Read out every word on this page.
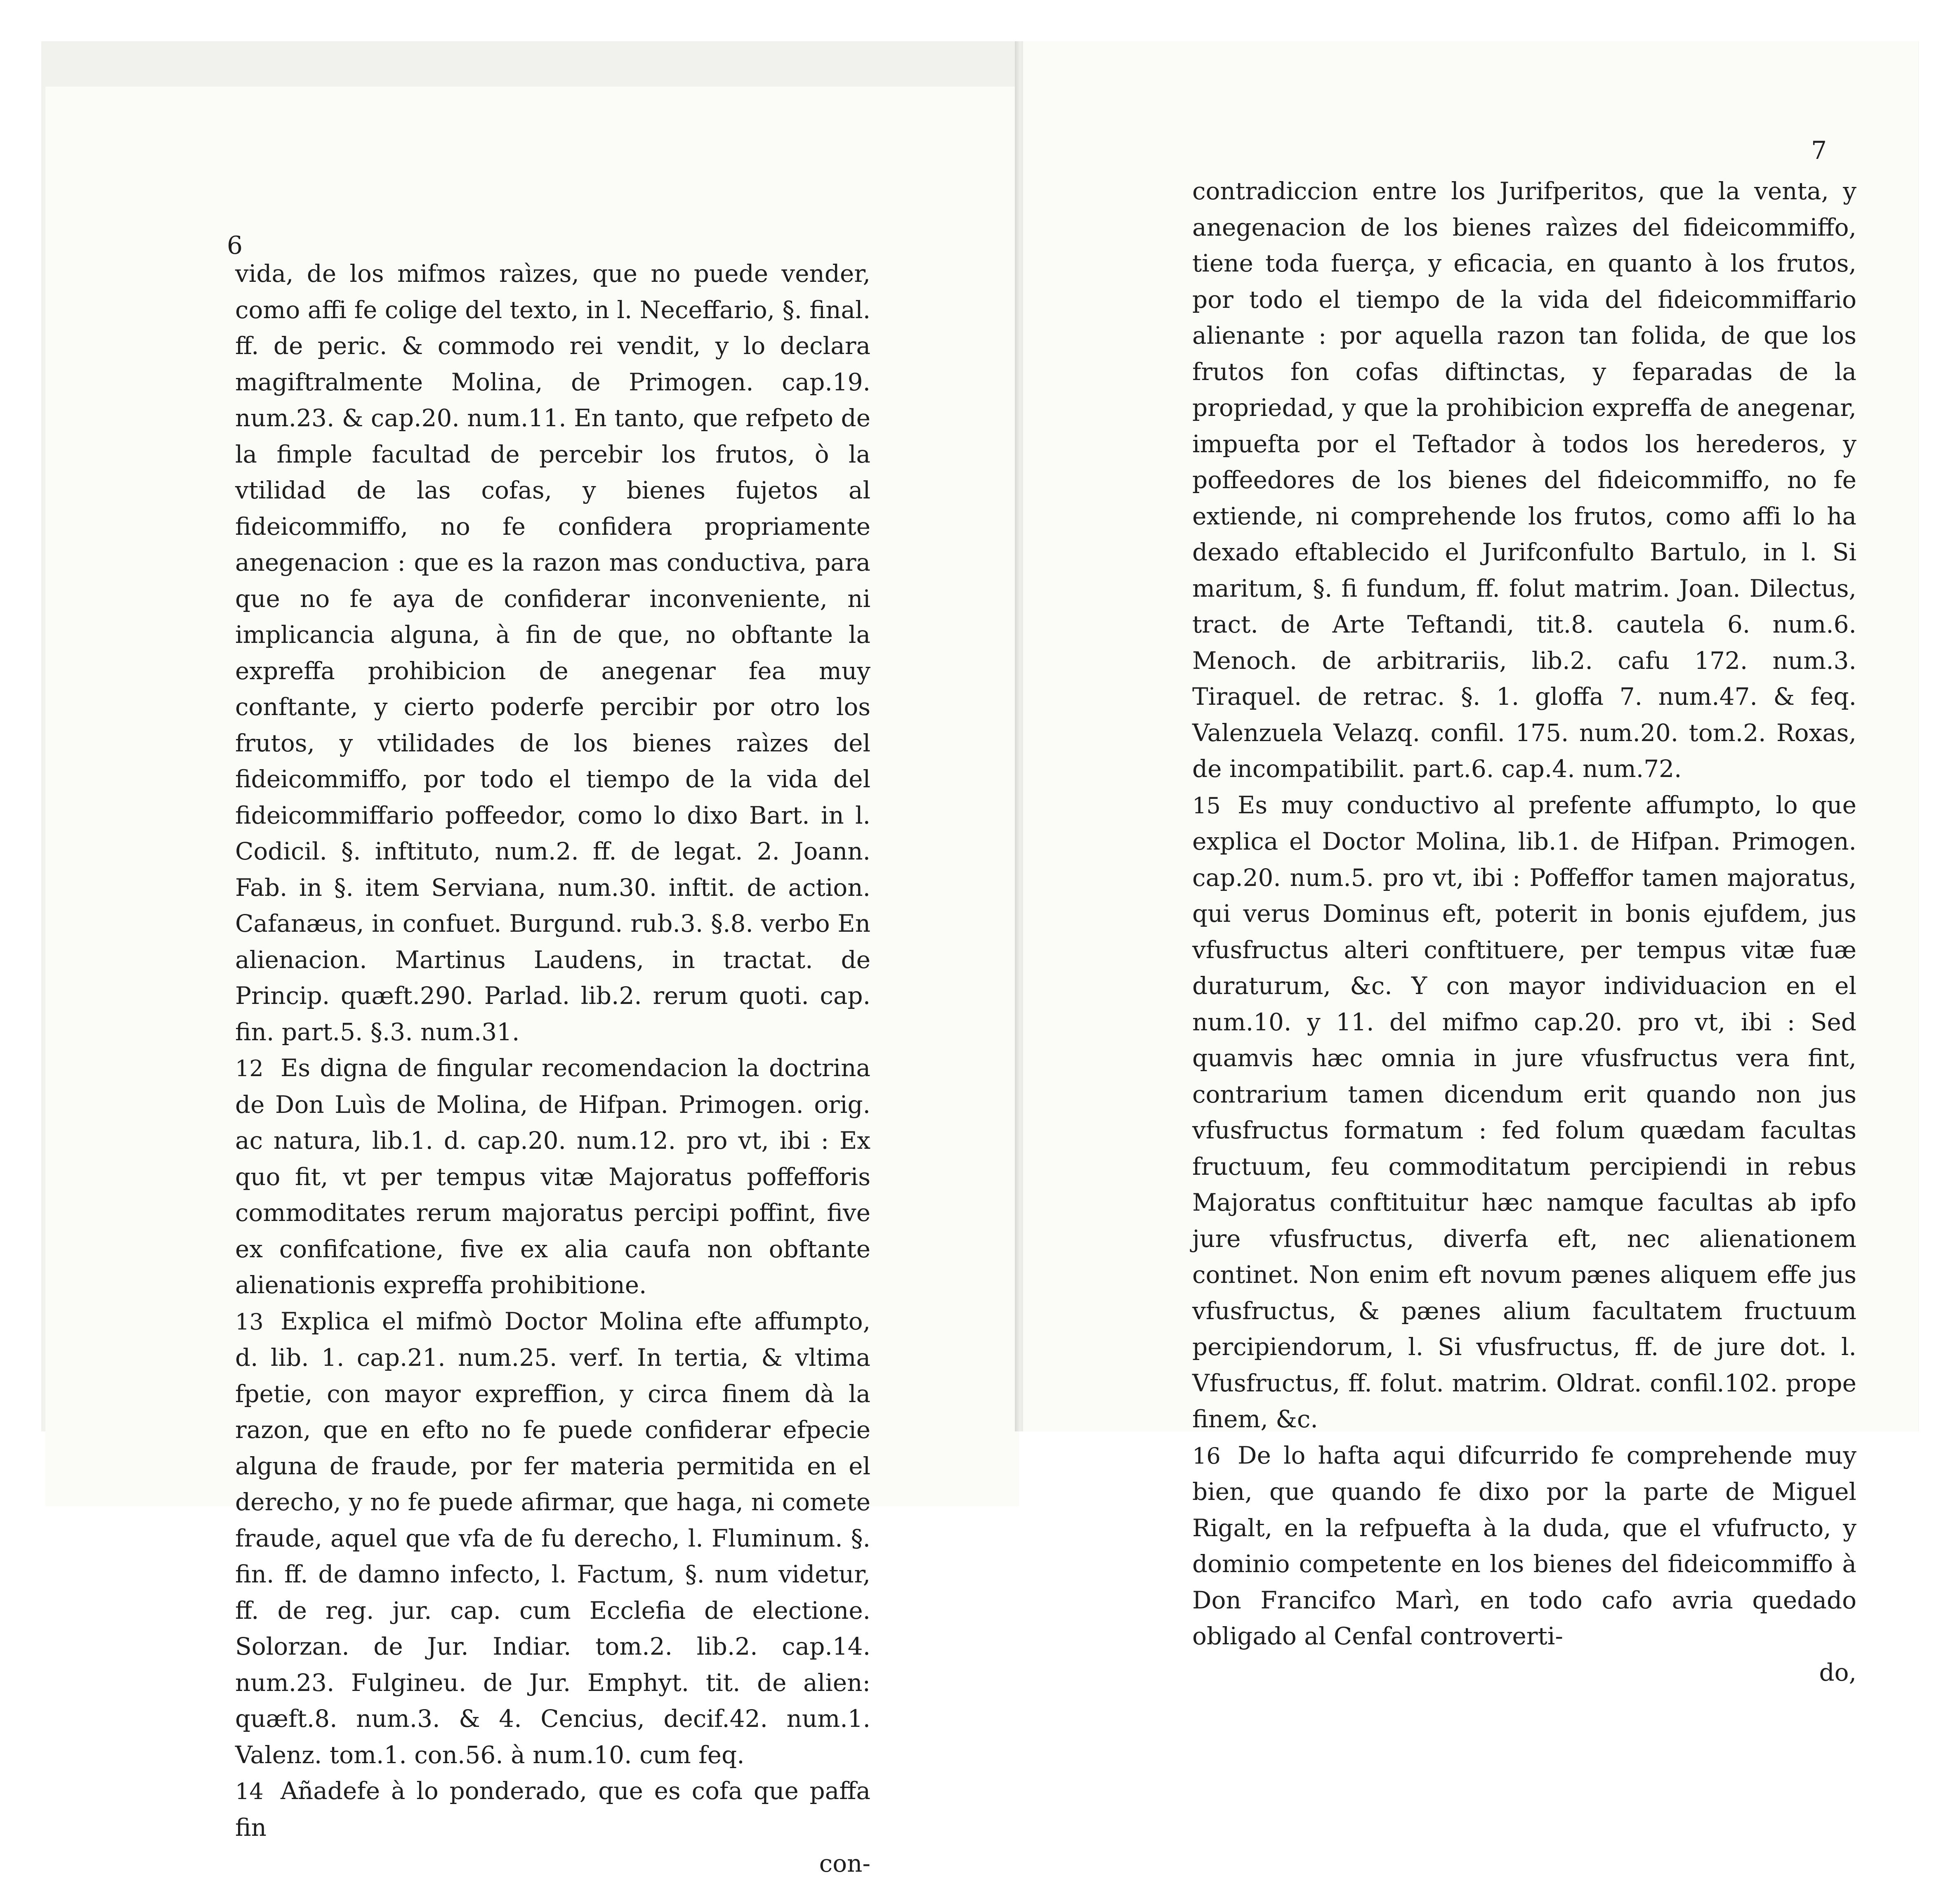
6

vida, de los mifmos raìzes, que no puede vender, como affi fe colige del texto, in l. Neceffario, §. final. ff. de peric. & commodo rei vendit, y lo declara magiftralmente Molina, de Primogen. cap.19. num.23. & cap.20. num.11. En tanto, que refpeto de la fimple facultad de percebir los frutos, ò la vtilidad de las cofas, y bienes fujetos al fideicommiffo, no fe confidera propriamente anegenacion : que es la razon mas conductiva, para que no fe aya de confiderar inconveniente, ni implicancia alguna, à fin de que, no obftante la expreffa prohibicion de anegenar fea muy conftante, y cierto poderfe percibir por otro los frutos, y vtilidades de los bienes raìzes del fideicommiffo, por todo el tiempo de la vida del fideicommiffario poffeedor, como lo dixo Bart. in l. Codicil. §. inftituto, num.2. ff. de legat. 2. Joann. Fab. in §. item Serviana, num.30. inftit. de action. Cafanæus, in confuet. Burgund. rub.3. §.8. verbo En alienacion. Martinus Laudens, in tractat. de Princip. quæft.290. Parlad. lib.2. rerum quoti. cap. fin. part.5. §.3. num.31.

12 Es digna de fingular recomendacion la doctrina de Don Luìs de Molina, de Hifpan. Primogen. orig. ac natura, lib.1. d. cap.20. num.12. pro vt, ibi : Ex quo fit, vt per tempus vitæ Majoratus poffefforis commoditates rerum majoratus percipi poffint, five ex confifcatione, five ex alia caufa non obftante alienationis expreffa prohibitione.

13 Explica el mifmò Doctor Molina efte affumpto, d. lib. 1. cap.21. num.25. verf. In tertia, & vltima fpetie, con mayor expreffion, y circa finem dà la razon, que en efto no fe puede confiderar efpecie alguna de fraude, por fer materia permitida en el derecho, y no fe puede afirmar, que haga, ni comete fraude, aquel que vfa de fu derecho, l. Fluminum. §. fin. ff. de damno infecto, l. Factum, §. num videtur, ff. de reg. jur. cap. cum Ecclefia de electione. Solorzan. de Jur. Indiar. tom.2. lib.2. cap.14. num.23. Fulgineu. de Jur. Emphyt. tit. de alien: quæft.8. num.3. & 4. Cencius, decif.42. num.1. Valenz. tom.1. con.56. à num.10. cum feq.

14 Añadefe à lo ponderado, que es cofa que paffa fin

con-

7

contradiccion entre los Jurifperitos, que la venta, y anegenacion de los bienes raìzes del fideicommiffo, tiene toda fuerça, y eficacia, en quanto à los frutos, por todo el tiempo de la vida del fideicommiffario alienante : por aquella razon tan folida, de que los frutos fon cofas diftinctas, y feparadas de la propriedad, y que la prohibicion expreffa de anegenar, impuefta por el Teftador à todos los herederos, y poffeedores de los bienes del fideicommiffo, no fe extiende, ni comprehende los frutos, como affi lo ha dexado eftablecido el Jurifconfulto Bartulo, in l. Si maritum, §. fi fundum, ff. folut matrim. Joan. Dilectus, tract. de Arte Teftandi, tit.8. cautela 6. num.6. Menoch. de arbitrariis, lib.2. cafu 172. num.3. Tiraquel. de retrac. §. 1. gloffa 7. num.47. & feq. Valenzuela Velazq. confil. 175. num.20. tom.2. Roxas, de incompatibilit. part.6. cap.4. num.72.

15 Es muy conductivo al prefente affumpto, lo que explica el Doctor Molina, lib.1. de Hifpan. Primogen. cap.20. num.5. pro vt, ibi : Poffeffor tamen majoratus, qui verus Dominus eft, poterit in bonis ejufdem, jus vfusfructus alteri conftituere, per tempus vitæ fuæ duraturum, &c. Y con mayor individuacion en el num.10. y 11. del mifmo cap.20. pro vt, ibi : Sed quamvis hæc omnia in jure vfusfructus vera fint, contrarium tamen dicendum erit quando non jus vfusfructus formatum : fed folum quædam facultas fructuum, feu commoditatum percipiendi in rebus Majoratus conftituitur hæc namque facultas ab ipfo jure vfusfructus, diverfa eft, nec alienationem continet. Non enim eft novum pænes aliquem effe jus vfusfructus, & pænes alium facultatem fructuum percipiendorum, l. Si vfusfructus, ff. de jure dot. l. Vfusfructus, ff. folut. matrim. Oldrat. confil.102. prope finem, &c.

16 De lo hafta aqui difcurrido fe comprehende muy bien, que quando fe dixo por la parte de Miguel Rigalt, en la refpuefta à la duda, que el vfufructo, y dominio competente en los bienes del fideicommiffo à Don Francifco Marì, en todo cafo avria quedado obligado al Cenfal controverti-

do,
